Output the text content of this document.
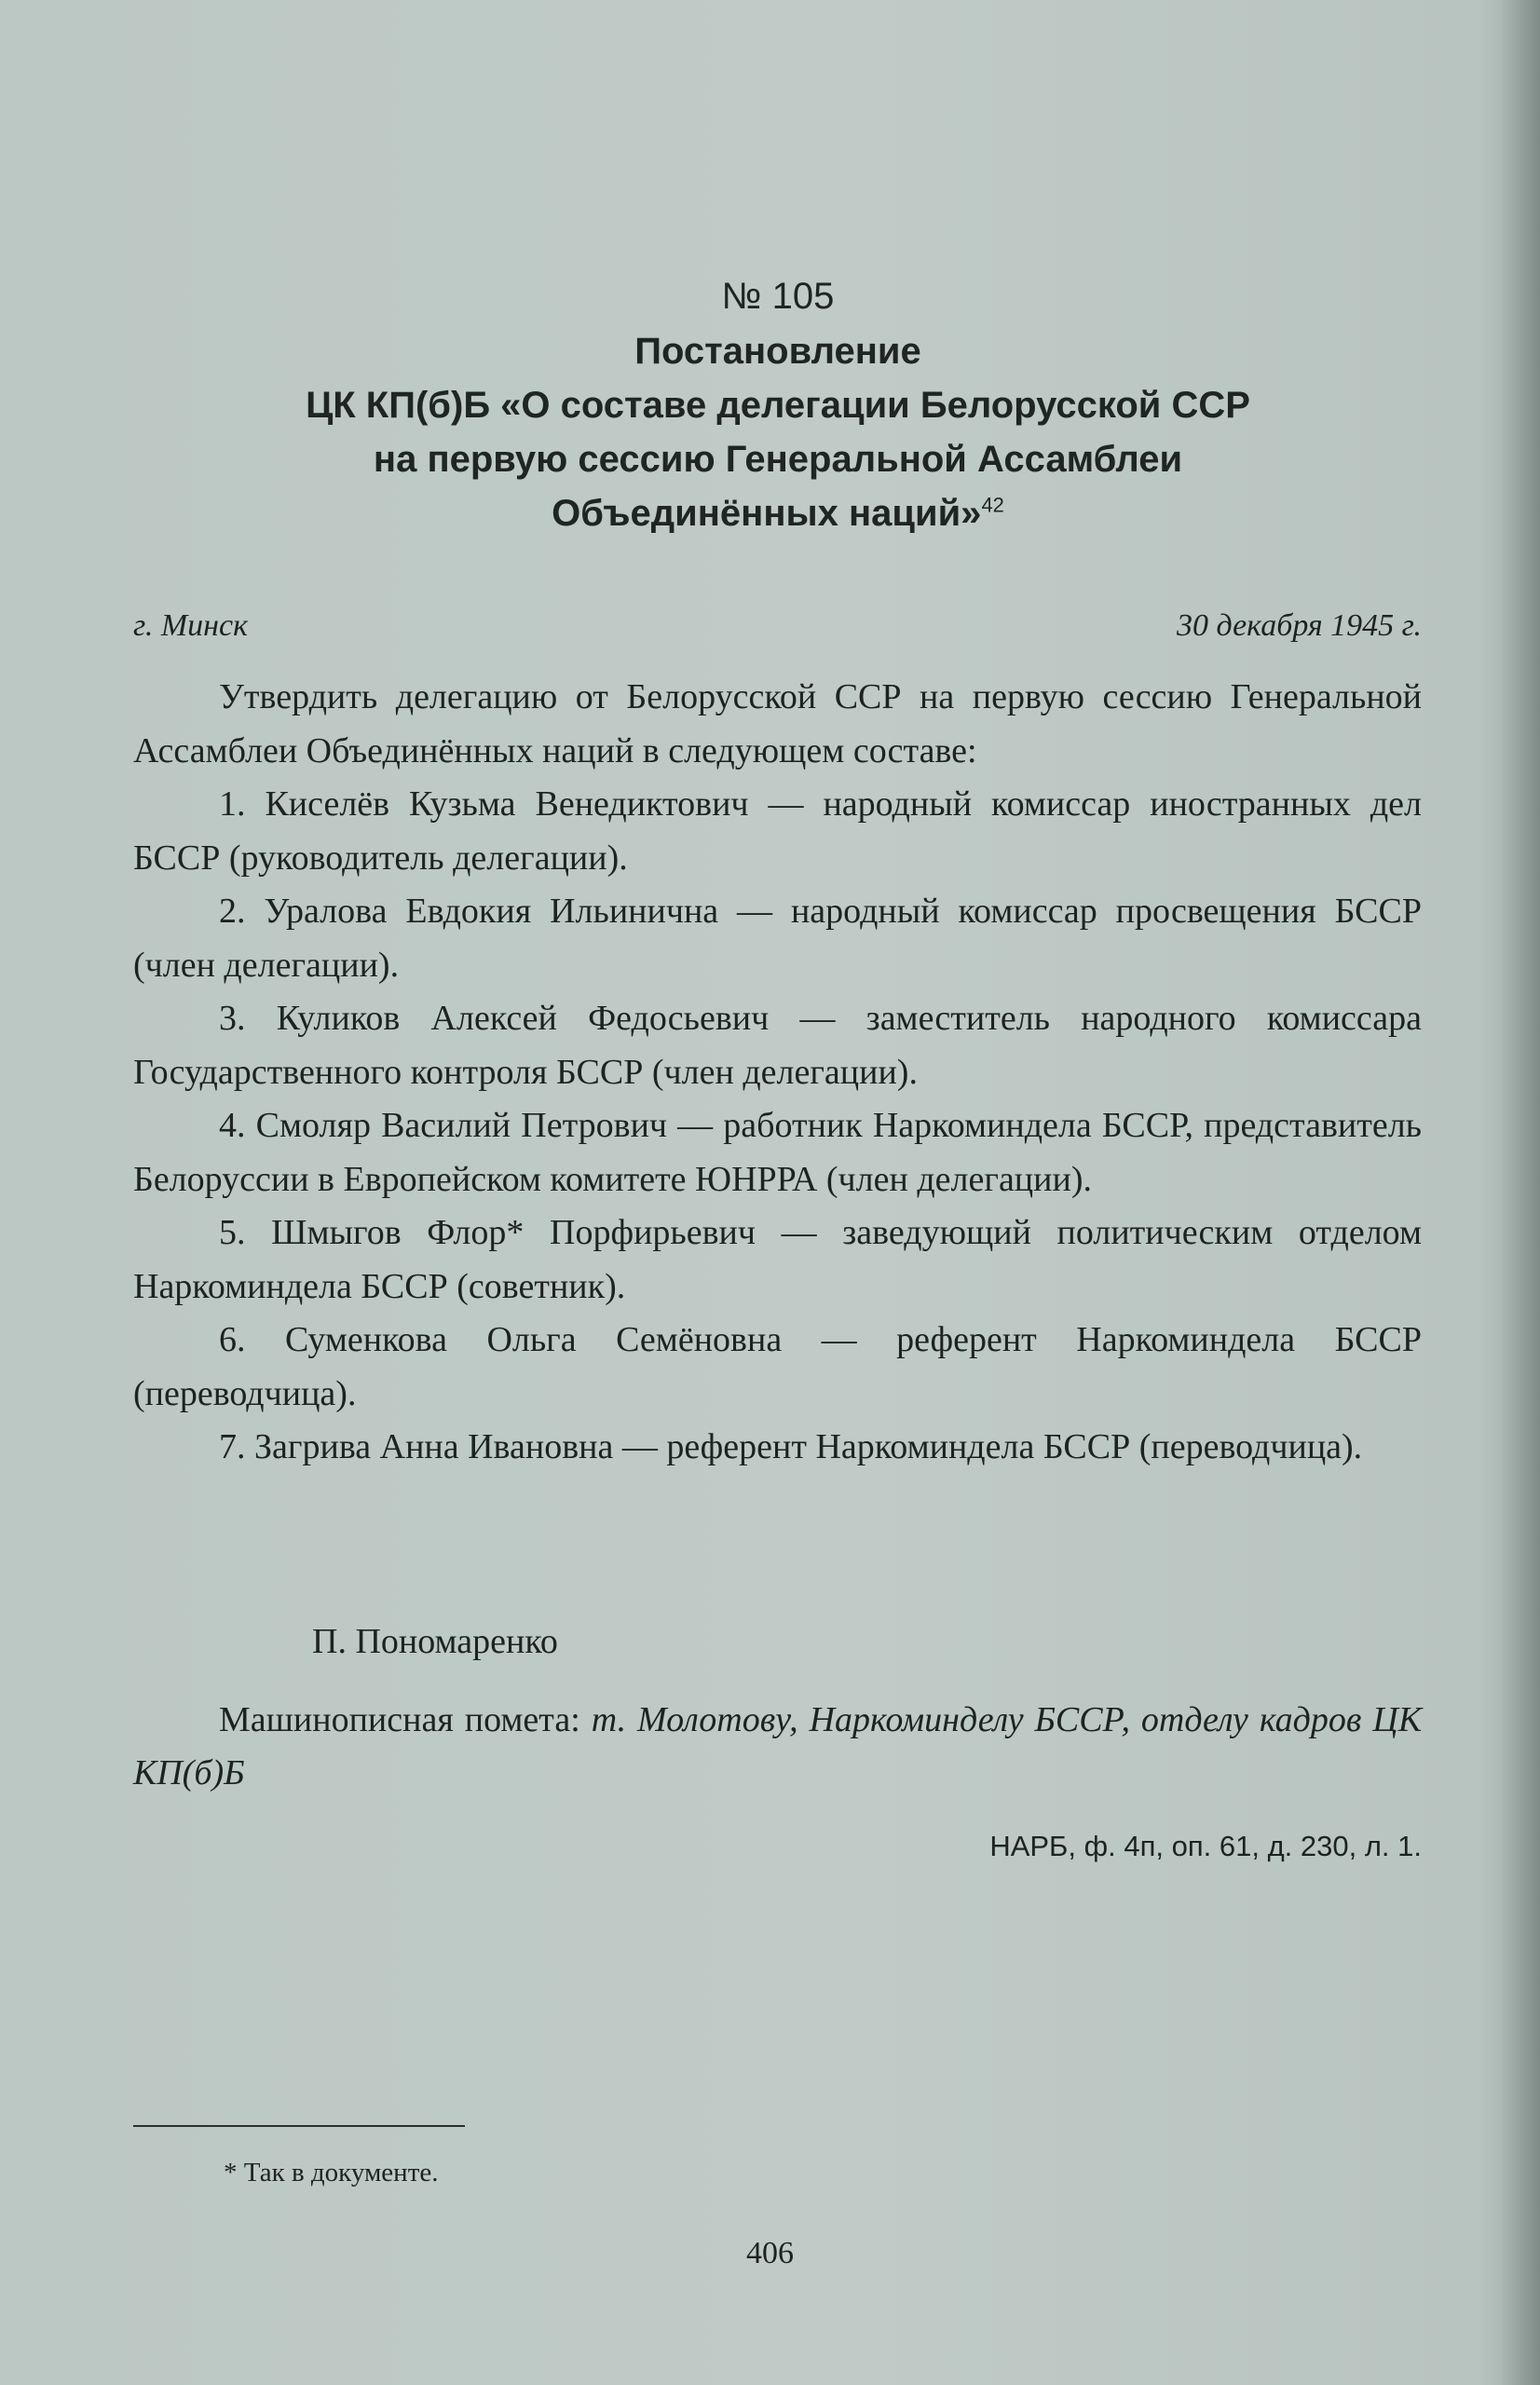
№ 105
Постановление
ЦК КП(б)Б «О составе делегации Белорусской ССР
на первую сессию Генеральной Ассамблеи
Объединённых наций»$^{42}$
г. Минск	30 декабря 1945 г.

Утвердить делегацию от Белорусской ССР на первую сессию Генеральной Ассамблеи Объединённых наций в следующем составе:

1. Киселёв Кузьма Венедиктович — народный комиссар иностранных дел БССР (руководитель делегации).

2. Уралова Евдокия Ильинична — народный комиссар просвещения БССР (член делегации).

3. Куликов Алексей Федосьевич — заместитель народного комиссара Государственного контроля БССР (член делегации).

4. Смоляр Василий Петрович — работник Наркоминдела БССР, представитель Белоруссии в Европейском комитете ЮНРРА (член делегации).

5. Шмыгов Флор* Порфирьевич — заведующий политическим отделом Наркоминдела БССР (советник).

6. Суменкова Ольга Семёновна — референт Наркоминдела БССР (переводчица).

7. Загрива Анна Ивановна — референт Наркоминдела БССР (переводчица).

П. Пономаренко
Машинописная помета: т. Молотову, Наркоминделу БССР, отделу кадров ЦК КП(б)Б
НАРБ, ф. 4п, оп. 61, д. 230, л. 1.
* Так в документе.
406
